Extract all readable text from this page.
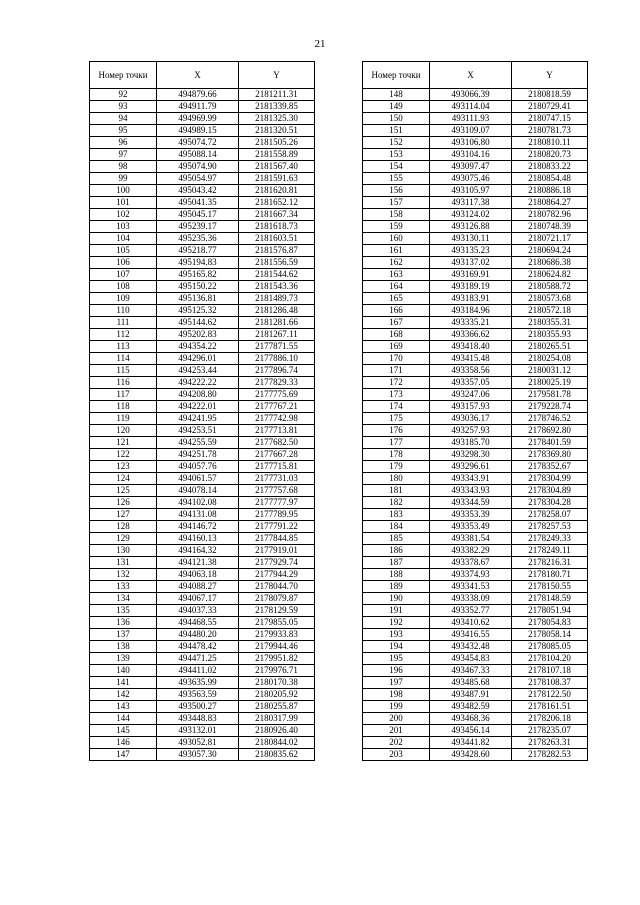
21
Номер точки	X	Y
92	494879.66	2181211.31
93	494911.79	2181339.85
94	494969.99	2181325.30
95	494989.15	2181320.51
96	495074.72	2181505.26
97	495088.14	2181558.89
98	495074.90	2181567.40
99	495054.97	2181591.63
100	495043.42	2181620.81
101	495041.35	2181652.12
102	495045.17	2181667.34
103	495239.17	2181618.73
104	495235.36	2181603.51
105	495218.77	2181576.87
106	495194.83	2181556.59
107	495165.82	2181544.62
108	495150.22	2181543.36
109	495136.81	2181489.73
110	495125.32	2181286.48
111	495144.62	2181281.66
112	495202.83	2181267.11
113	494354.22	2177871.55
114	494296.01	2177886.10
115	494253.44	2177896.74
116	494222.22	2177829.33
117	494208.80	2177775.69
118	494222.01	2177767.21
119	494241.95	2177742.98
120	494253.51	2177713.81
121	494255.59	2177682.50
122	494251.78	2177667.28
123	494057.76	2177715.81
124	494061.57	2177731.03
125	494078.14	2177757.68
126	494102.08	2177777.97
127	494131.08	2177789.95
128	494146.72	2177791.22
129	494160.13	2177844.85
130	494164.32	2177919.01
131	494121.38	2177929.74
132	494063.18	2177944.29
133	494088.27	2178044.70
134	494067.17	2178079.87
135	494037.33	2178129.59
136	494468.55	2179855.05
137	494480.20	2179933.83
138	494478.42	2179944.46
139	494471.25	2179951.82
140	494411.02	2179976.71
141	493635.99	2180170.38
142	493563.59	2180205.92
143	493500.27	2180255.87
144	493448.83	2180317.99
145	493132.01	2180926.40
146	493052.81	2180844.02
147	493057.30	2180835.62
Номер точки	X	Y
148	493066.39	2180818.59
149	493114.04	2180729.41
150	493111.93	2180747.15
151	493109.07	2180781.73
152	493106.80	2180810.11
153	493104.16	2180820.73
154	493097.47	2180833.22
155	493075.46	2180854.48
156	493105.97	2180886.18
157	493117.38	2180864.27
158	493124.02	2180782.96
159	493126.88	2180748.39
160	493130.11	2180721.17
161	493135.23	2180694.24
162	493137.02	2180686.38
163	493169.91	2180624.82
164	493189.19	2180588.72
165	493183.91	2180573.68
166	493184.96	2180572.18
167	493335.21	2180355.31
168	493366.62	2180355.93
169	493418.40	2180265.51
170	493415.48	2180254.08
171	493358.56	2180031.12
172	493357.05	2180025.19
173	493247.06	2179581.78
174	493157.93	2179228.74
175	493036.17	2178746.52
176	493257.93	2178692.80
177	493185.70	2178401.59
178	493298.30	2178369.80
179	493296.61	2178352.67
180	493343.91	2178304.99
181	493343.93	2178304.89
182	493344.59	2178304.28
183	493353.39	2178258.07
184	493353.49	2178257.53
185	493381.54	2178249.33
186	493382.29	2178249.11
187	493378.67	2178216.31
188	493374.93	2178180.71
189	493341.53	2178150.55
190	493338.09	2178148.59
191	493352.77	2178051.94
192	493410.62	2178054.83
193	493416.55	2178058.14
194	493432.48	2178085.05
195	493454.83	2178104.20
196	493467.33	2178107.18
197	493485.68	2178108.37
198	493487.91	2178122.50
199	493482.59	2178161.51
200	493468.36	2178206.18
201	493456.14	2178235.07
202	493441.82	2178263.31
203	493428.60	2178282.53
